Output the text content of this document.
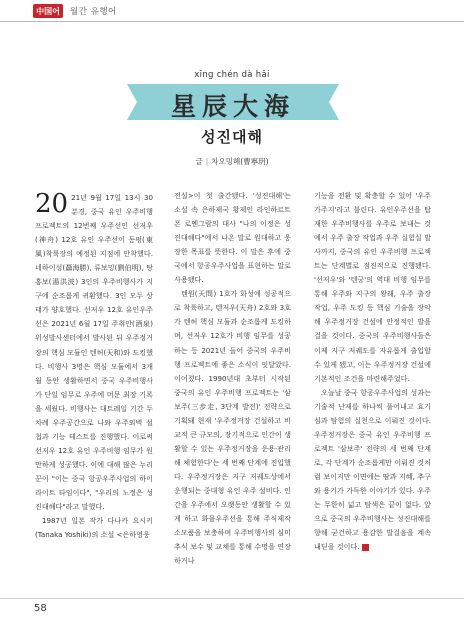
中国어	월간 유행어
xīng chén dà hǎi
星辰大海
성진대해
글 | 차오밍혜(曹寧玥)

20 21년 9월 17일 13시 30분경, 중국 유인 우주비행 프로젝트의 12번째 우주선인 선저우(神舟) 12호 유인 우주선이 동펑(東風)착륙장의 예정된 지점에 안착했다. 네하이성(聶海勝), 류보밍(劉伯明), 탕홍보(湯洪波) 3인의 우주비행사가 지구에 순조롭게 귀환했다. 3인 모두 상태가 양호했다. 선저우 12호 유인우주선은 2021년 6월 17일 주취안(酒泉)위성발사센터에서 발사된 뒤 우주정거장의 핵심 모듈인 텐허(天和)와 도킹했다. 비행사 3명은 핵심 모듈에서 3개월 동안 생활하면서 중국 우주비행사가 단일 임무로 우주에 머문 최장 기록을 세웠다. 비행사는 대트레일 기간 두 차례 우주공간으로 나와 우주외벽 설첩과 기능 테스트를 진행했다. 이로써 선저우 12호 유인 우주비행 임무가 원만하게 성공했다. 이에 대해 많은 누리꾼이 "이는 중국 항공우주사업의 하이라이트 타임이다", "우리의 노정은 성진대해다"라고 말했다.

1987년 일본 작가 다나카 요시키(Tanaka Yoshiki)의 소설 <은하영웅

전설>이 첫 출간됐다. '성진대해'는 소설 속 은하제국 황제인 라인하르트 폰 로엔그람의 대사 "나의 이정은 성진대해다"에서 나온 말로 원대하고 웅장한 목표를 뜻한다. 이 말은 후에 중국에서 항공우주사업을 표현하는 말로 사용됐다.

텐원(天問) 1호가 화성에 성공적으로 착륙하고, 텐저우(天舟) 2호와 3호가 텐허 핵심 모듈과 순조롭게 도킹하며, 선저우 12호가 비행 임무를 성공하는 등 2021년 들어 중국의 우주비행 프로젝트에 좋은 소식이 잇달았다. 이어졌다. 1990년대 초부터 시작된 중국의 유인 우주비행 프로젝트는 '삼보주(三步走, 3단계 발전)' 전략으로 기획돼 현재 '우주정거장 건설하고 비교적 큰 규모의, 장기적으로 인간이 생활할 수 있는 우주정거장을 운용·관리해 체험한다'는 세 번째 단계에 진입했다. 우주정거장은 지구 저궤도상에서 운행되는 중대형 유인 우주 설비다. 인간을 우주에서 오랫동안 생활할 수 있게 하고 화물우주선을 통해 주식제작 소모품을 보충하며 우주비행사의 심미 추식 보수 및 교체를 통해 수명을 연장하거나

기능을 전환 및 확충할 수 있어 '우주가주지'라고 불린다. 유인우주선을 탑재한 우주비행사를 우주로 보내는 것에서 우주 출장 작업과 우주 실험실 발사까지, 중국의 유인 우주비행 프로젝트는 단계별로 점진적으로 진행됐다. '선저우'와 '텐궁'의 역대 비행 임무를 통해 우주와 지구의 왕래, 우주 출장 작업, 우주 도킹 등 핵심 기술을 장악해 우주정거장 건설에 안정적인 발을 걸을 것이다. 중국의 우주비행사들은 이제 지구 저궤도를 자유롭게 출입할 수 있게 됐고, 이는 우주정거장 건설에 기본적인 조건을 마련해주었다.

오늘날 중국 항공우주사업의 성과는 기술적 난제를 하나씩 풀어내고 효기심과 탐험의 실천으로 이뤄진 것이다. 우주정거장은 중국 유인 우주비행 프로젝트 '삼보주' 전략의 세 번째 단계로, 각 단계가 순조롭게만 이뤄진 것처럼 보이지만 이면에는 땀과 지혜, 추구와 용기가 가득한 이야기가 있다. 우주는 무한히 넓고 탐색은 끝이 없다. 앞으로 중국의 우주비행사는 성진대해를 향해 굳건하고 용감한 발걸음을 계속 내딛을 것이다.

58
